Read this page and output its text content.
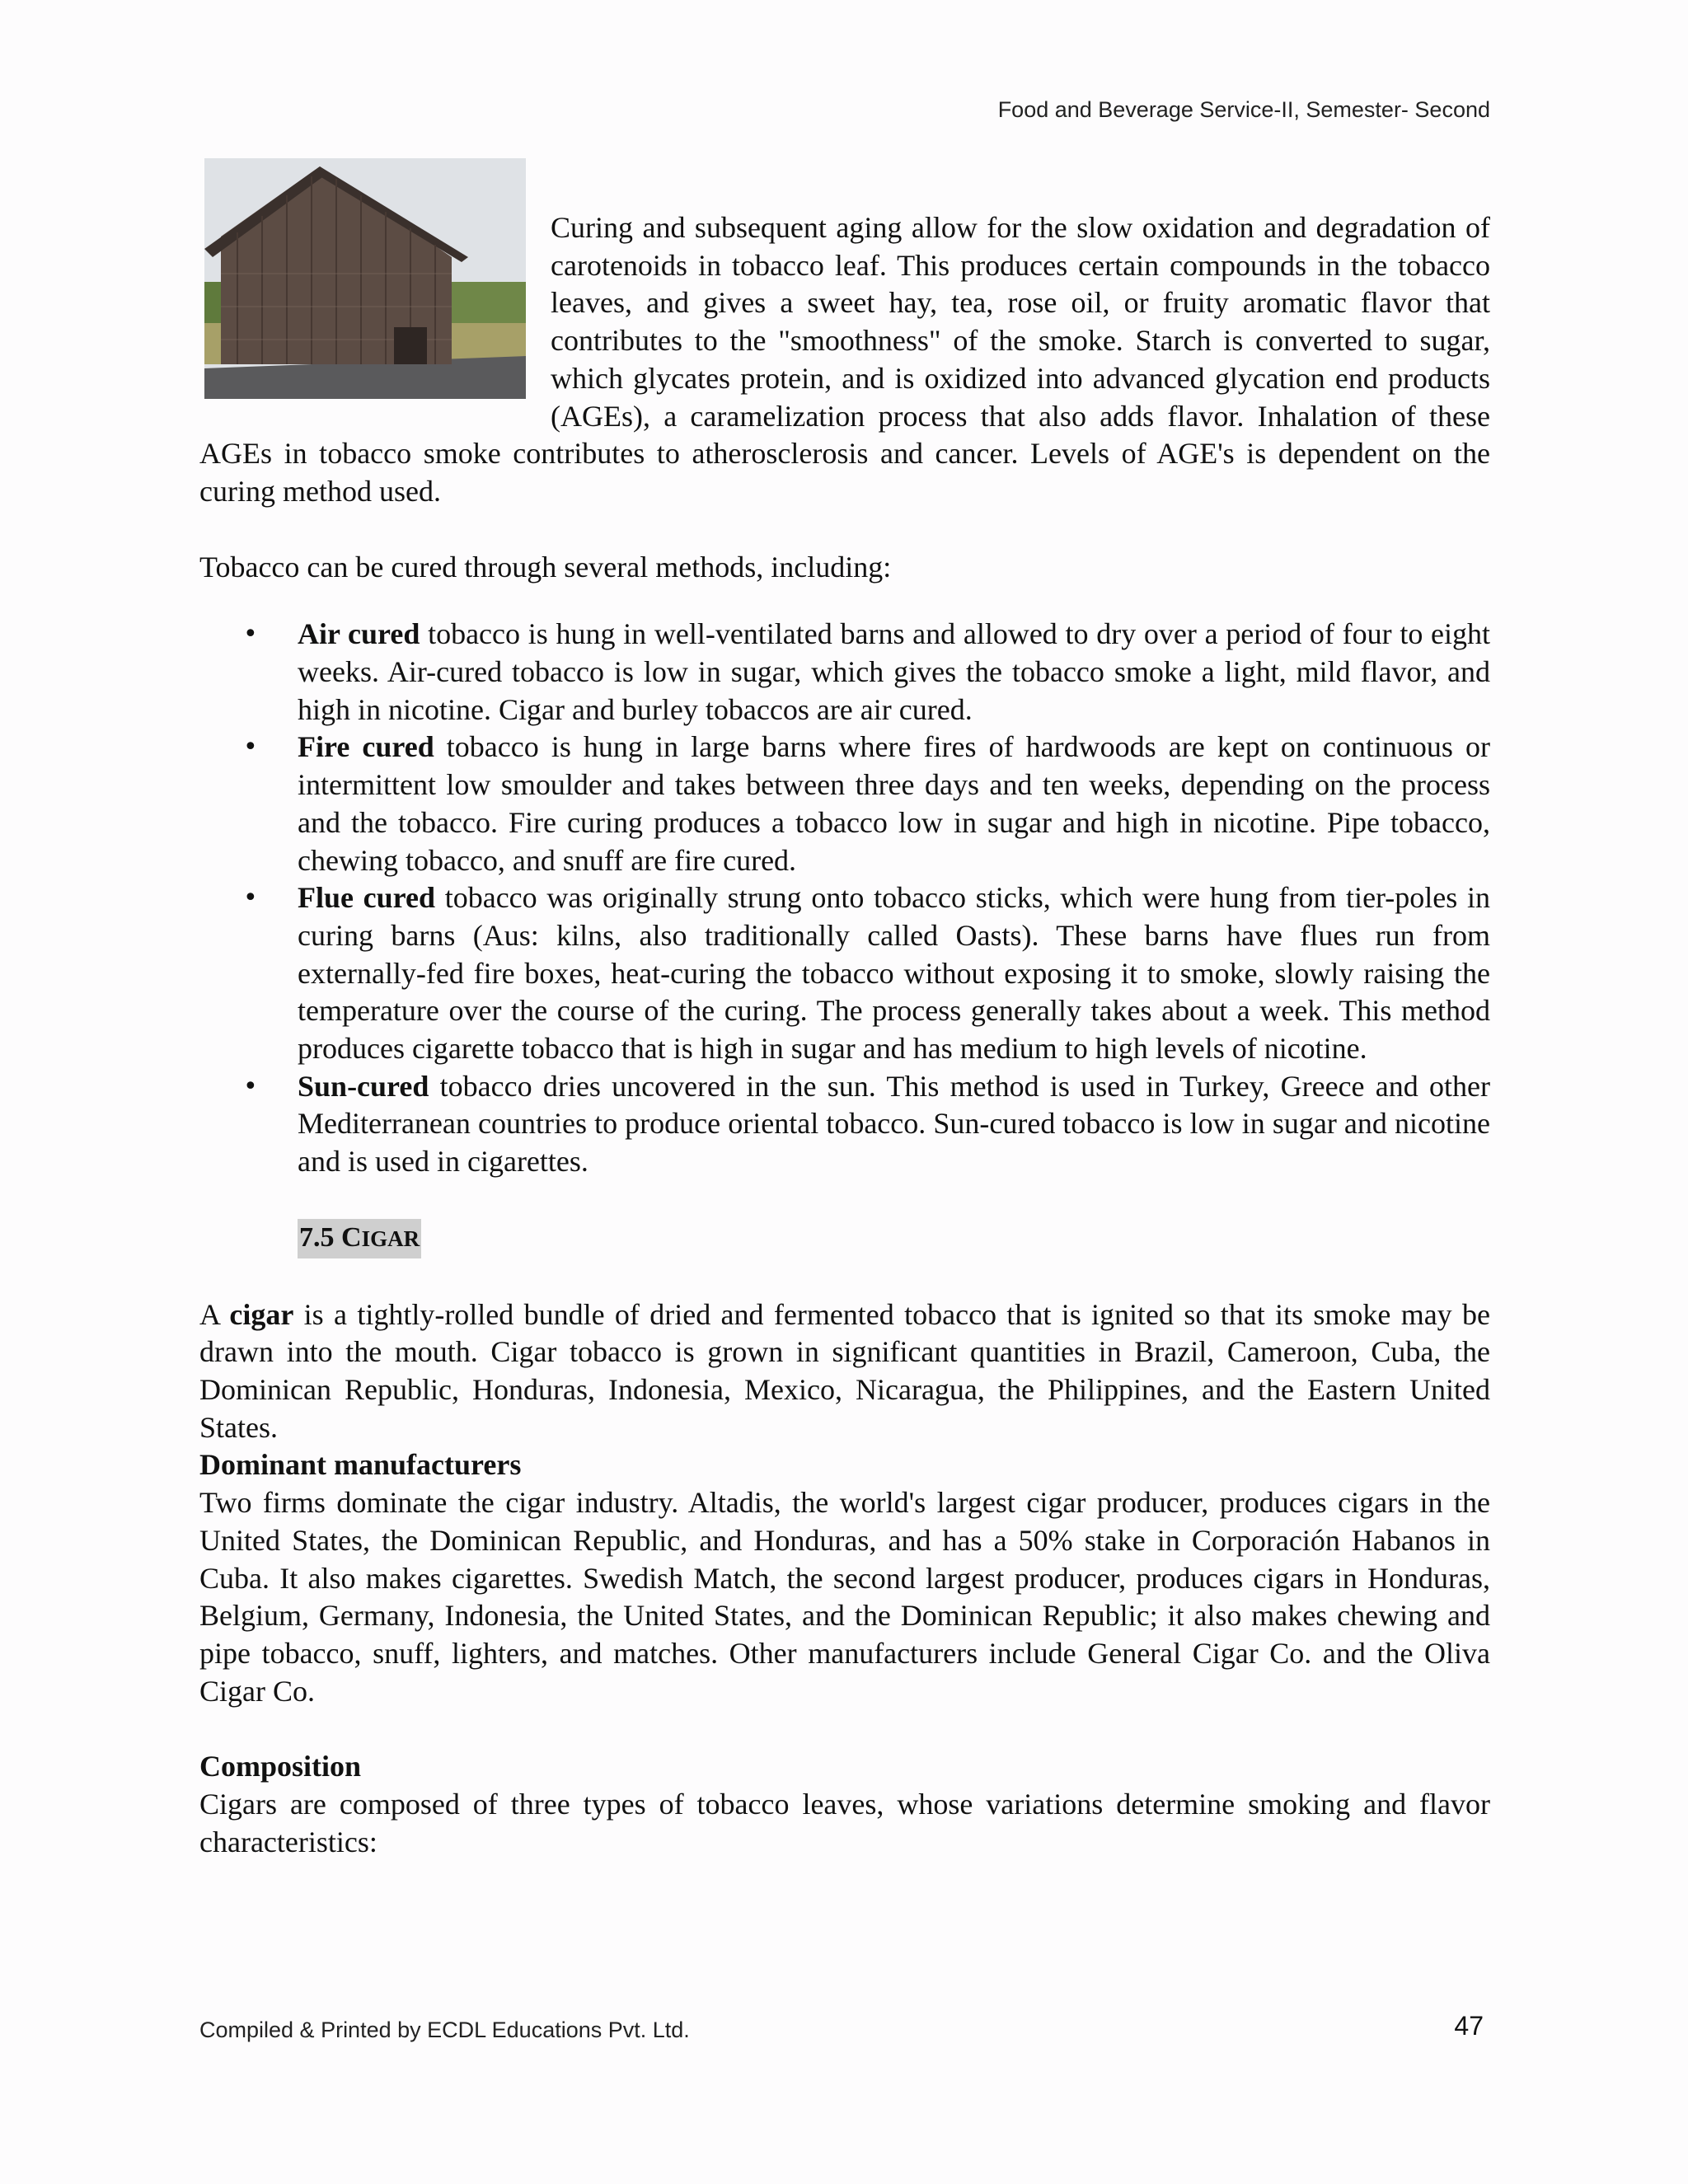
Food and Beverage Service-II, Semester- Second

Curing and subsequent aging allow for the slow oxidation and degradation of carotenoids in tobacco leaf. This produces certain compounds in the tobacco leaves, and gives a sweet hay, tea, rose oil, or fruity aromatic flavor that contributes to the "smoothness" of the smoke. Starch is converted to sugar, which glycates protein, and is oxidized into advanced glycation end products (AGEs), a caramelization process that also adds flavor. Inhalation of these AGEs in tobacco smoke contributes to atherosclerosis and cancer. Levels of AGE's is dependent on the curing method used.

Tobacco can be cured through several methods, including:

• Air cured tobacco is hung in well-ventilated barns and allowed to dry over a period of four to eight weeks. Air-cured tobacco is low in sugar, which gives the tobacco smoke a light, mild flavor, and high in nicotine. Cigar and burley tobaccos are air cured.
• Fire cured tobacco is hung in large barns where fires of hardwoods are kept on continuous or intermittent low smoulder and takes between three days and ten weeks, depending on the process and the tobacco. Fire curing produces a tobacco low in sugar and high in nicotine. Pipe tobacco, chewing tobacco, and snuff are fire cured.
• Flue cured tobacco was originally strung onto tobacco sticks, which were hung from tier-poles in curing barns (Aus: kilns, also traditionally called Oasts). These barns have flues run from externally-fed fire boxes, heat-curing the tobacco without exposing it to smoke, slowly raising the temperature over the course of the curing. The process generally takes about a week. This method produces cigarette tobacco that is high in sugar and has medium to high levels of nicotine.
• Sun-cured tobacco dries uncovered in the sun. This method is used in Turkey, Greece and other Mediterranean countries to produce oriental tobacco. Sun-cured tobacco is low in sugar and nicotine and is used in cigarettes.
7.5 CIGAR

A cigar is a tightly-rolled bundle of dried and fermented tobacco that is ignited so that its smoke may be drawn into the mouth. Cigar tobacco is grown in significant quantities in Brazil, Cameroon, Cuba, the Dominican Republic, Honduras, Indonesia, Mexico, Nicaragua, the Philippines, and the Eastern United States.

Dominant manufacturers

Two firms dominate the cigar industry. Altadis, the world's largest cigar producer, produces cigars in the United States, the Dominican Republic, and Honduras, and has a 50% stake in Corporación Habanos in Cuba. It also makes cigarettes. Swedish Match, the second largest producer, produces cigars in Honduras, Belgium, Germany, Indonesia, the United States, and the Dominican Republic; it also makes chewing and pipe tobacco, snuff, lighters, and matches. Other manufacturers include General Cigar Co. and the Oliva Cigar Co.

Composition

Cigars are composed of three types of tobacco leaves, whose variations determine smoking and flavor characteristics:

Compiled & Printed by ECDL Educations Pvt. Ltd.	47
